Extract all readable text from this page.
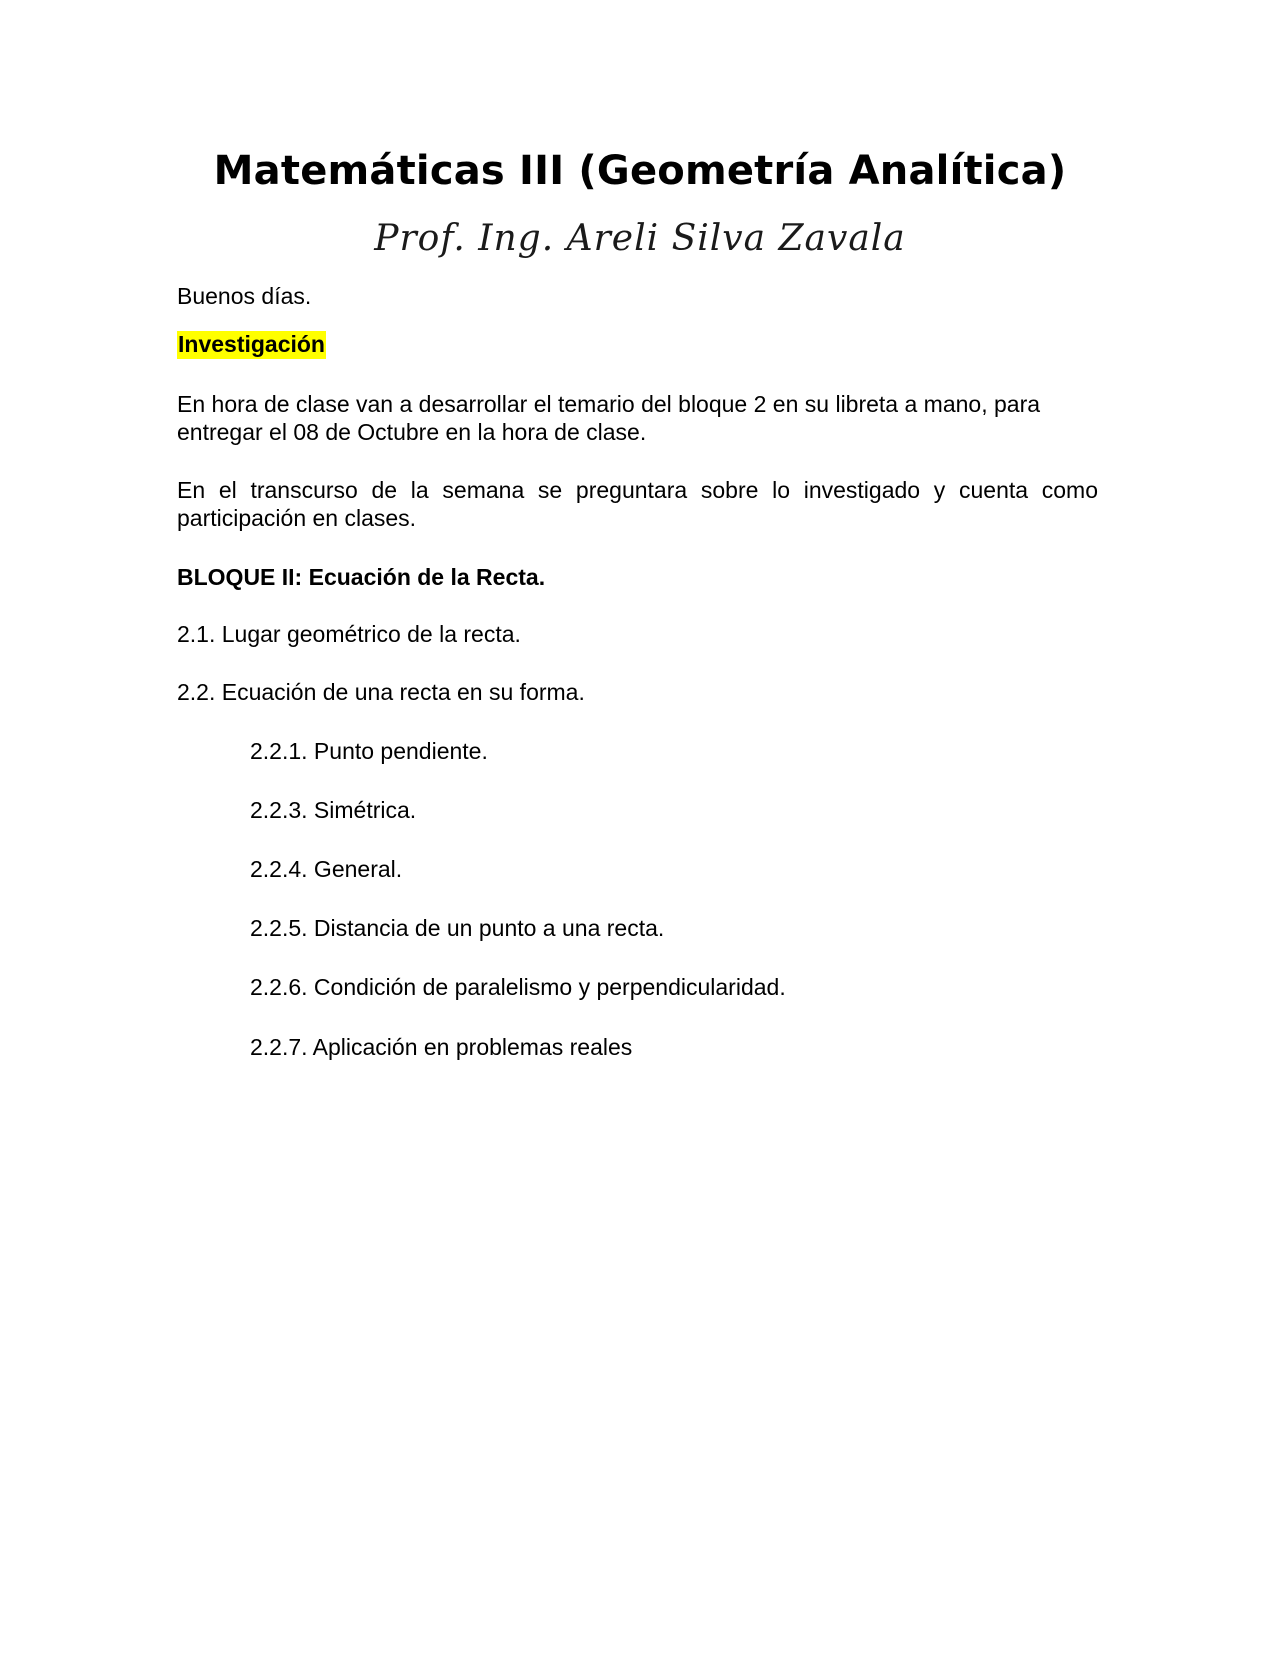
Matemáticas III (Geometría Analítica)
Prof. Ing. Areli Silva Zavala
Buenos días.
Investigación
En hora de clase van a desarrollar el temario del bloque 2 en su libreta a mano, para entregar el 08 de Octubre en la hora de clase.
En el transcurso de la semana se preguntara sobre lo investigado y cuenta como participación en clases.
BLOQUE II: Ecuación de la Recta.
2.1. Lugar geométrico de la recta.
2.2. Ecuación de una recta en su forma.
2.2.1. Punto pendiente.
2.2.3. Simétrica.
2.2.4. General.
2.2.5. Distancia de un punto a una recta.
2.2.6. Condición de paralelismo y perpendicularidad.
2.2.7. Aplicación en problemas reales
